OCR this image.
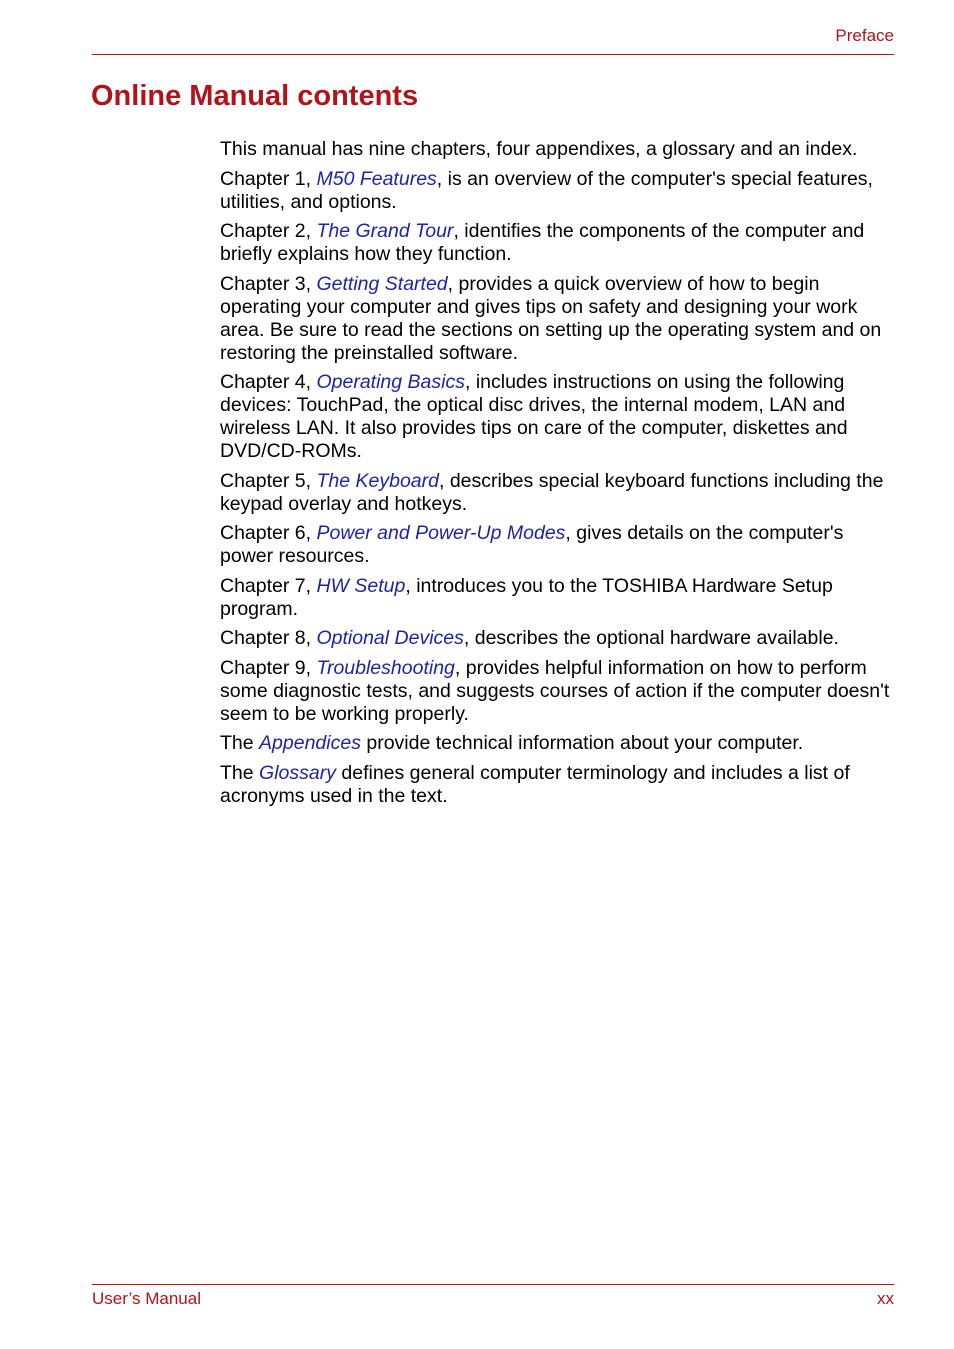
Preface
Online Manual contents

This manual has nine chapters, four appendixes, a glossary and an index.

Chapter 1, M50 Features, is an overview of the computer's special features, utilities, and options.

Chapter 2, The Grand Tour, identifies the components of the computer and briefly explains how they function.

Chapter 3, Getting Started, provides a quick overview of how to begin operating your computer and gives tips on safety and designing your work area. Be sure to read the sections on setting up the operating system and on restoring the preinstalled software.

Chapter 4, Operating Basics, includes instructions on using the following devices: TouchPad, the optical disc drives, the internal modem, LAN and wireless LAN. It also provides tips on care of the computer, diskettes and DVD/CD-ROMs.

Chapter 5, The Keyboard, describes special keyboard functions including the keypad overlay and hotkeys.

Chapter 6, Power and Power-Up Modes, gives details on the computer's power resources.

Chapter 7, HW Setup, introduces you to the TOSHIBA Hardware Setup program.

Chapter 8, Optional Devices, describes the optional hardware available.

Chapter 9, Troubleshooting, provides helpful information on how to perform some diagnostic tests, and suggests courses of action if the computer doesn't seem to be working properly.

The Appendices provide technical information about your computer.

The Glossary defines general computer terminology and includes a list of acronyms used in the text.

User’s Manual	xx
